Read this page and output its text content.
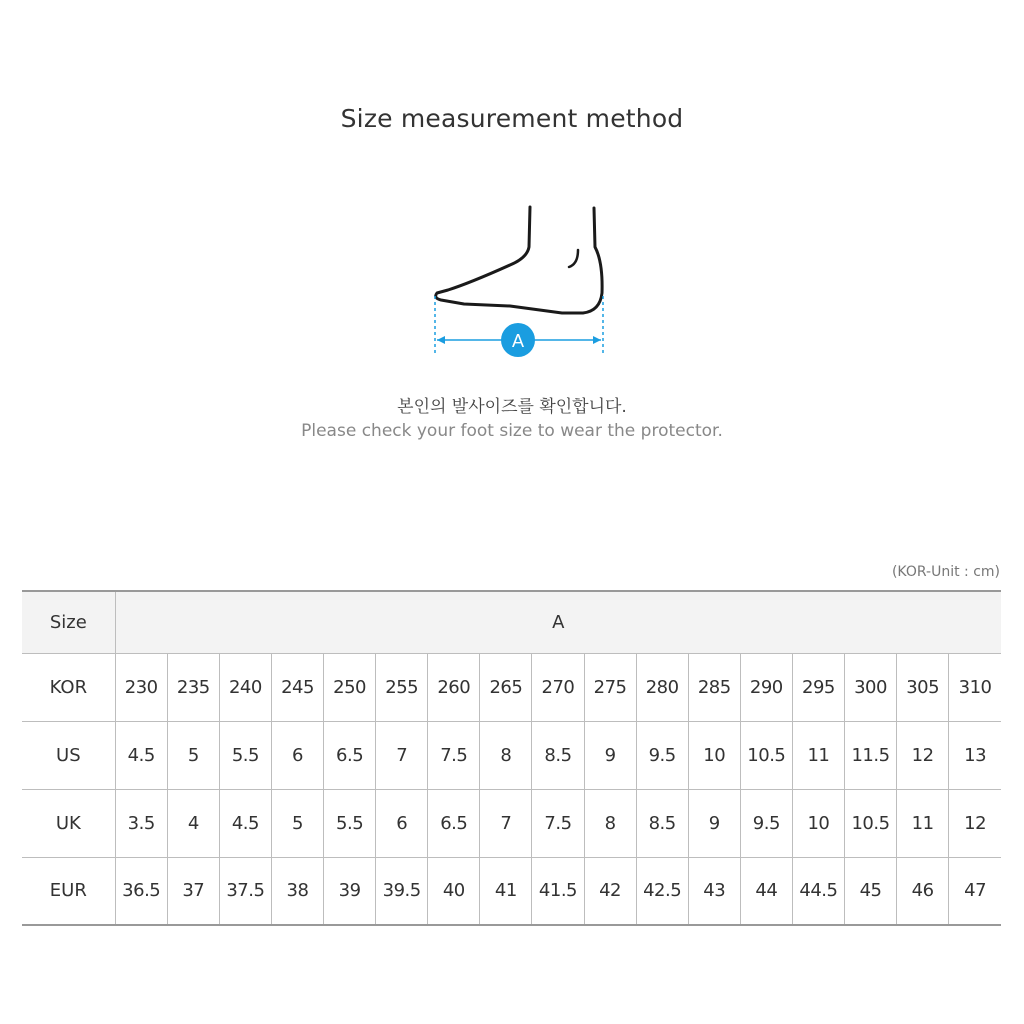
Size measurement method
A
본인의 발사이즈를 확인합니다.
Please check your foot size to wear the protector.
(KOR-Unit : cm)
Size	A																
KOR	230	235	240	245	250	255	260	265	270	275	280	285	290	295	300	305	310
US	4.5	5	5.5	6	6.5	7	7.5	8	8.5	9	9.5	10	10.5	11	11.5	12	13
UK	3.5	4	4.5	5	5.5	6	6.5	7	7.5	8	8.5	9	9.5	10	10.5	11	12
EUR	36.5	37	37.5	38	39	39.5	40	41	41.5	42	42.5	43	44	44.5	45	46	47
